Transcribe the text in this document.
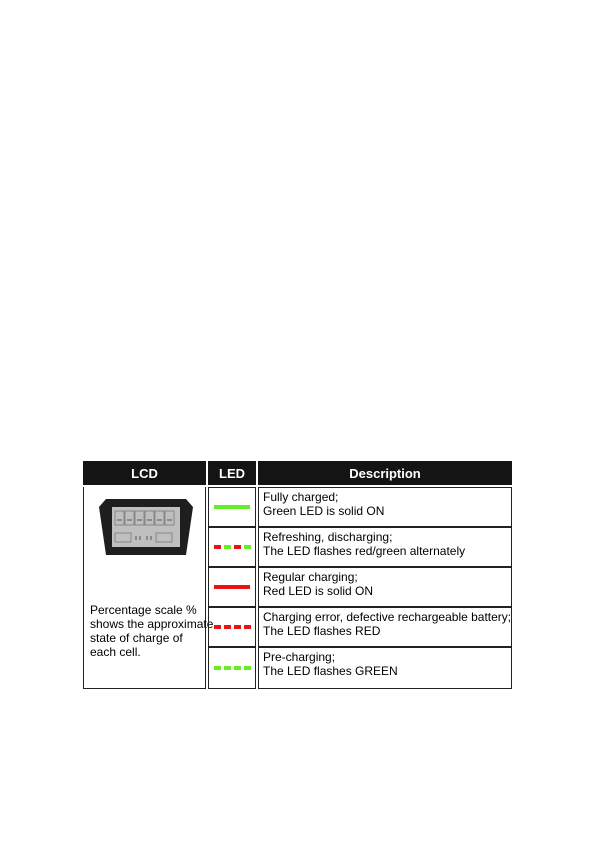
LCD	LED	Description
Percentage scale %
shows the approximate
state of charge of
each cell.
Fully charged;
Green LED is solid ON
Refreshing, discharging;
The LED flashes red/green alternately
Regular charging;
Red LED is solid ON
Charging error, defective rechargeable battery;
The LED flashes RED
Pre-charging;
The LED flashes GREEN
